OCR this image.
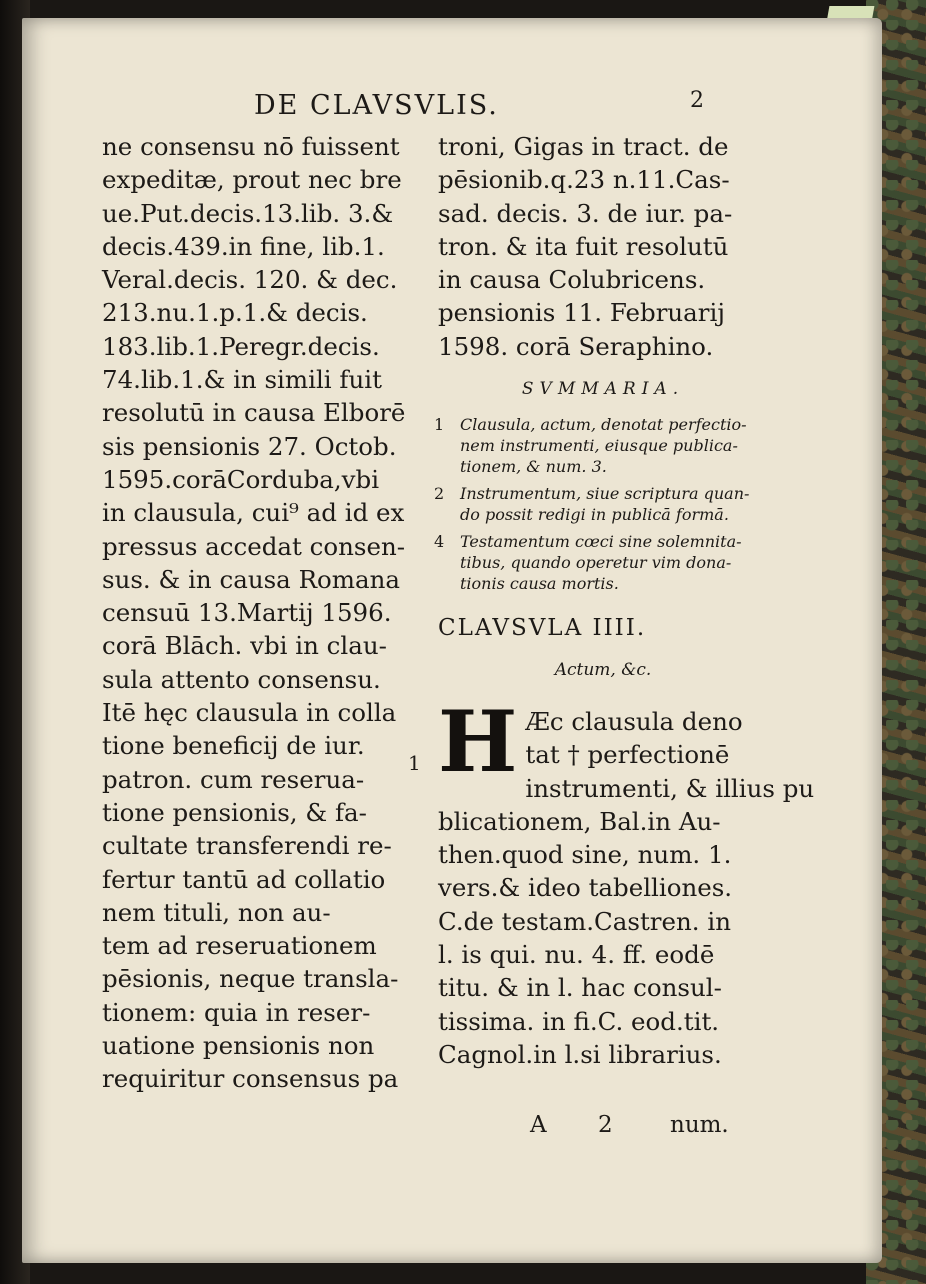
DE CLAVSVLIS.	2
ne consensu nō fuissent
expeditæ, prout nec bre
ue.Put.decis.13.lib. 3.&
decis.439.in fine, lib.1.
Veral.decis. 120. & dec.
213.nu.1.p.1.& decis.
183.lib.1.Peregr.decis.
74.lib.1.& in simili fuit
resolutū in causa Elborē
sis pensionis 27. Octob.
1595.corāCorduba,vbi
in clausula, cui⁹ ad id ex
pressus accedat consen-
sus. & in causa Romana
censuū 13.Martij 1596.
corā Blāch. vbi in clau-
sula attento consensu.
Itē hęc clausula in colla
tione beneficij de iur.
patron. cum reserua-
tione pensionis, & fa-
cultate transferendi re-
fertur tantū ad collatio
nem tituli, non au-
tem ad reseruationem
pēsionis, neque transla-
tionem: quia in reser-
uatione pensionis non
requiritur consensus pa
troni, Gigas in tract. de
pēsionib.q.23 n.11.Cas-
sad. decis. 3. de iur. pa-
tron. & ita fuit resolutū
in causa Colubricens.
pensionis 11. Februarij
1598. corā Seraphino.
SVMMARIA.
1 Clausula, actum, denotat perfectio-
nem instrumenti, eiusque publica-
tionem, & num. 3.
2 Instrumentum, siue scriptura quan-
do possit redigi in publicā formā.
4 Testamentum cœci sine solemnita-
tibus, quando operetur vim dona-
tionis causa mortis.
CLAVSVLA IIII.
Actum, &c.
1 H Æc clausula deno
tat † perfectionē
instrumenti, & illius pu
blicationem, Bal.in Au-
then.quod sine, num. 1.
vers.& ideo tabelliones.
C.de testam.Castren. in
l. is qui. nu. 4. ff. eodē
titu. & in l. hac consul-
tissima. in fi.C. eod.tit.
Cagnol.in l.si librarius.
A 2 num.
